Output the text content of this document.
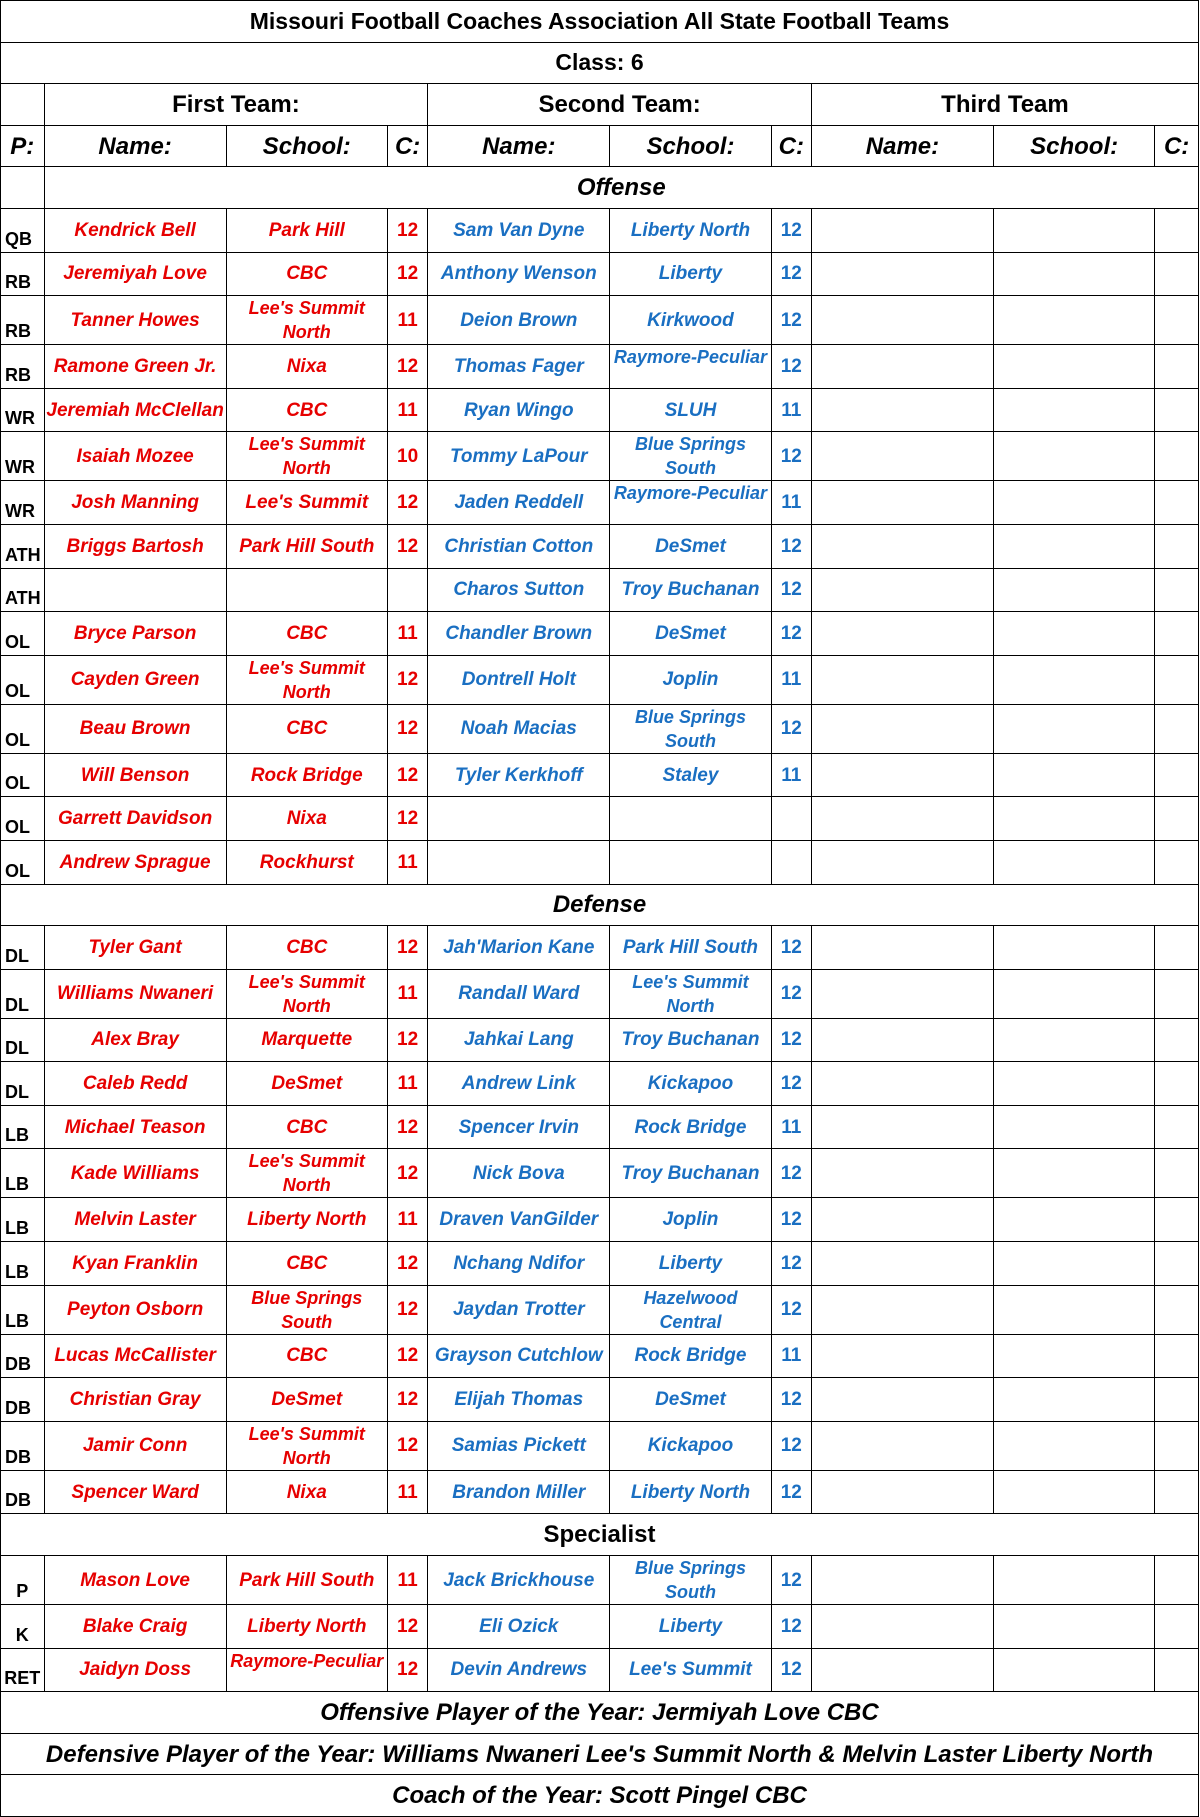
Missouri Football Coaches Association All State Football Teams									
Class: 6									
	First Team:			Second Team:			Third Team		
P:	Name:	School:	C:	Name:	School:	C:	Name:	School:	C:
	Offense								
QB	Kendrick Bell	Park Hill	12	Sam Van Dyne	Liberty North	12			
RB	Jeremiyah Love	CBC	12	Anthony Wenson	Liberty	12			
RB	Tanner Howes	Lee's Summit North	11	Deion Brown	Kirkwood	12			
RB	Ramone Green Jr.	Nixa	12	Thomas Fager	Raymore-Peculiar	12			
WR	Jeremiah McClellan	CBC	11	Ryan Wingo	SLUH	11			
WR	Isaiah Mozee	Lee's Summit North	10	Tommy LaPour	Blue Springs South	12			
WR	Josh Manning	Lee's Summit	12	Jaden Reddell	Raymore-Peculiar	11			
ATH	Briggs Bartosh	Park Hill South	12	Christian Cotton	DeSmet	12			
ATH				Charos Sutton	Troy Buchanan	12			
OL	Bryce Parson	CBC	11	Chandler Brown	DeSmet	12			
OL	Cayden Green	Lee's Summit North	12	Dontrell Holt	Joplin	11			
OL	Beau Brown	CBC	12	Noah Macias	Blue Springs South	12			
OL	Will Benson	Rock Bridge	12	Tyler Kerkhoff	Staley	11			
OL	Garrett Davidson	Nixa	12						
OL	Andrew Sprague	Rockhurst	11						
Defense									
DL	Tyler Gant	CBC	12	Jah'Marion Kane	Park Hill South	12			
DL	Williams Nwaneri	Lee's Summit North	11	Randall Ward	Lee's Summit North	12			
DL	Alex Bray	Marquette	12	Jahkai Lang	Troy Buchanan	12			
DL	Caleb Redd	DeSmet	11	Andrew Link	Kickapoo	12			
LB	Michael Teason	CBC	12	Spencer Irvin	Rock Bridge	11			
LB	Kade Williams	Lee's Summit North	12	Nick Bova	Troy Buchanan	12			
LB	Melvin Laster	Liberty North	11	Draven VanGilder	Joplin	12			
LB	Kyan Franklin	CBC	12	Nchang Ndifor	Liberty	12			
LB	Peyton Osborn	Blue Springs South	12	Jaydan Trotter	Hazelwood Central	12			
DB	Lucas McCallister	CBC	12	Grayson Cutchlow	Rock Bridge	11			
DB	Christian Gray	DeSmet	12	Elijah Thomas	DeSmet	12			
DB	Jamir Conn	Lee's Summit North	12	Samias Pickett	Kickapoo	12			
DB	Spencer Ward	Nixa	11	Brandon Miller	Liberty North	12			
Specialist									
P	Mason Love	Park Hill South	11	Jack Brickhouse	Blue Springs South	12			
K	Blake Craig	Liberty North	12	Eli Ozick	Liberty	12			
RET	Jaidyn Doss	Raymore-Peculiar	12	Devin Andrews	Lee's Summit	12			
Offensive Player of the Year: Jermiyah Love CBC									
Defensive Player of the Year: Williams Nwaneri Lee's Summit North & Melvin Laster Liberty North									
Coach of the Year: Scott Pingel CBC									
